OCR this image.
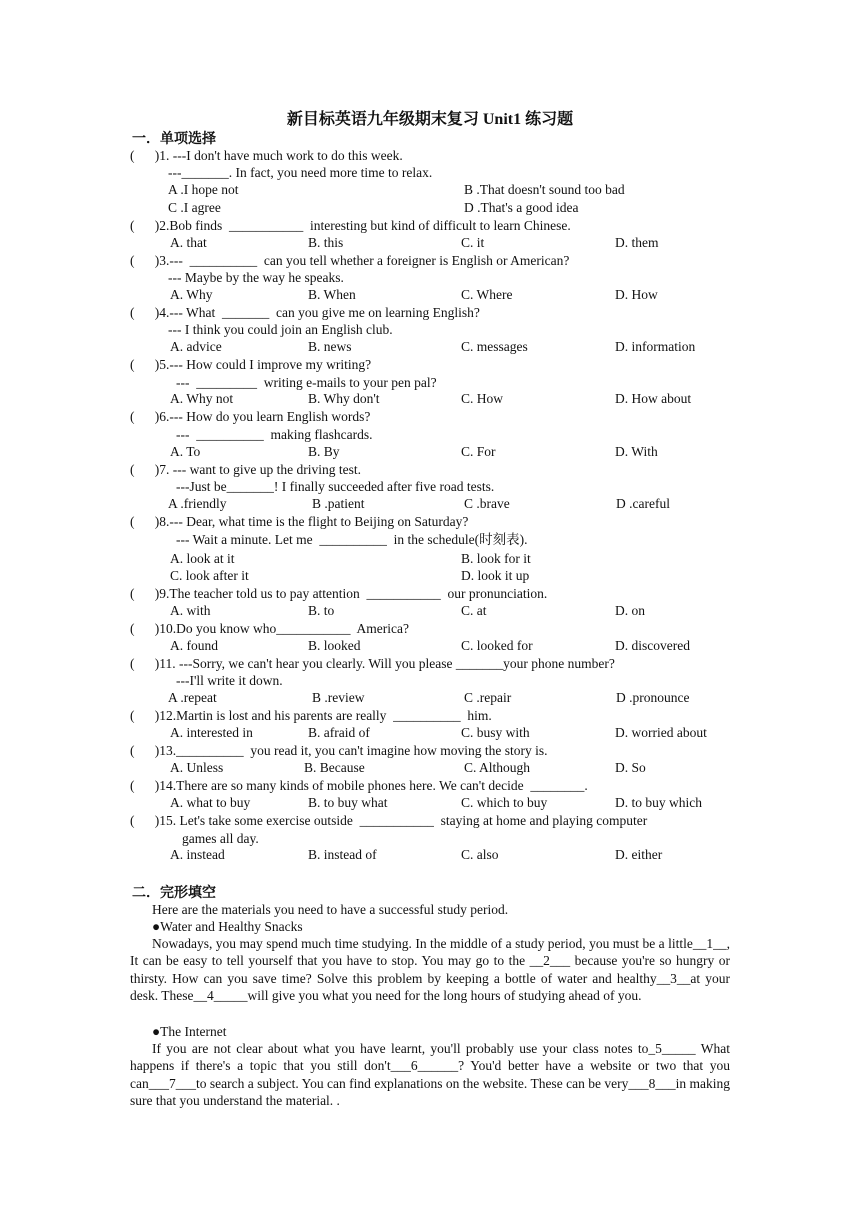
新目标英语九年级期末复习 Unit1 练习题
一．单项选择
(      )1. ---I don't have much work to do this week.
---_______. In fact, you need more time to relax.
A .I hope not	B .That doesn't sound too bad
C .I agree	D .That's a good idea
(      )2.Bob finds  ___________  interesting but kind of difficult to learn Chinese.
A. that	B. this	C. it	D. them
(      )3.---  __________  can you tell whether a foreigner is English or American?
--- Maybe by the way he speaks.
A. Why	B. When	C. Where	D. How
(      )4.--- What  _______  can you give me on learning English?
--- I think you could join an English club.
A. advice	B. news	C. messages	D. information
(      )5.--- How could I improve my writing?
---  _________  writing e-mails to your pen pal?
A. Why not	B. Why don't	C. How	D. How about
(      )6.--- How do you learn English words?
---  __________  making flashcards.
A. To	B. By	C. For	D. With
(      )7. --- want to give up the driving test.
---Just be_______! I finally succeeded after five road tests.
A .friendly	B .patient	C .brave	D .careful
(      )8.--- Dear, what time is the flight to Beijing on Saturday?
--- Wait a minute. Let me  __________  in the schedule(时刻表).
A. look at it	B. look for it
C. look after it	D. look it up
(      )9.The teacher told us to pay attention  ___________  our pronunciation.
A. with	B. to	C. at	D. on
(      )10.Do you know who___________  America?
A. found	B. looked	C. looked for	D. discovered
(      )11. ---Sorry, we can't hear you clearly. Will you please _______your phone number?
---I'll write it down.
A .repeat	B .review	C .repair	D .pronounce
(      )12.Martin is lost and his parents are really  __________  him.
A. interested in	B. afraid of	C. busy with	D. worried about
(      )13.__________  you read it, you can't imagine how moving the story is.
A. Unless	B. Because	C. Although	D. So
(      )14.There are so many kinds of mobile phones here. We can't decide  ________.
A. what to buy	B. to buy what	C. which to buy	D. to buy which
(      )15. Let's take some exercise outside  ___________  staying at home and playing computer
games all day.
A. instead	B. instead of	C. also	D. either
二．完形填空
Here are the materials you need to have a successful study period.
●Water and Healthy Snacks
Nowadays, you may spend much time studying. In the middle of a study period, you must be a little__1__, It can be easy to tell yourself that you have to stop. You may go to the __2___ because you're so hungry or thirsty. How can you save time? Solve this problem by keeping a bottle of water and healthy__3__at your desk. These__4_____will give you what you need for the long hours of studying ahead of you.
●The Internet
If you are not clear about what you have learnt, you'll probably use your class notes to_5_____ What happens if there's a topic that you still don't___6______? You'd better have a website or two that you can___7___to search a subject. You can find explanations on the website. These can be very___8___in making sure that you understand the material. .
